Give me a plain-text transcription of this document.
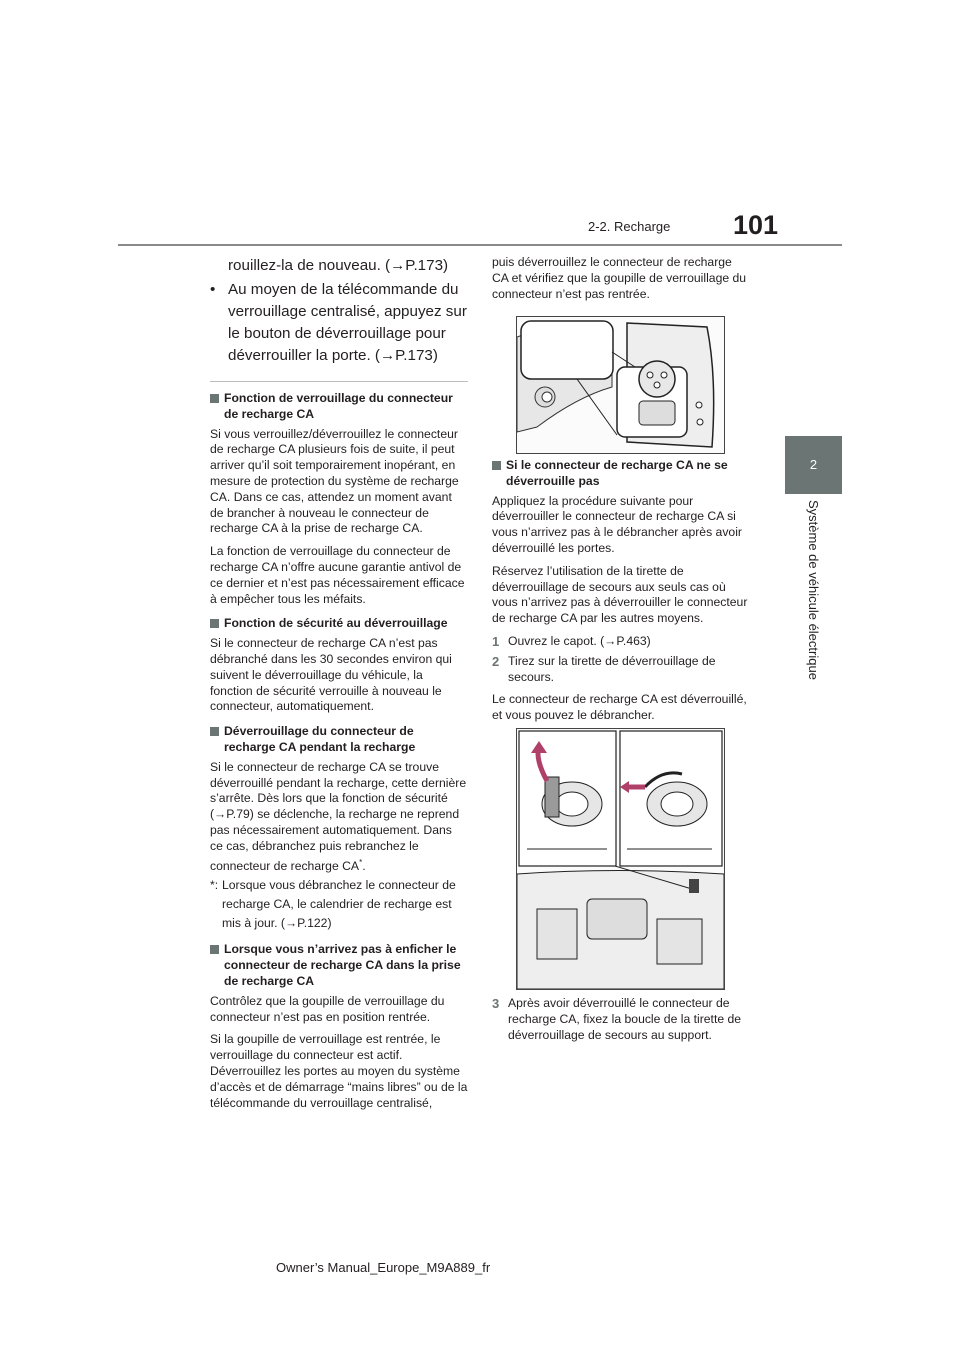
2-2. Recharge 101
2
Système de véhicule électrique

rouillez-la de nouveau. (→P.173)

• Au moyen de la télécommande du verrouillage centralisé, appuyez sur le bouton de déverrouillage pour déverrouiller la porte. (→P.173)

Fonction de verrouillage du connecteur de recharge CA

Si vous verrouillez/déverrouillez le connecteur de recharge CA plusieurs fois de suite, il peut arriver qu’il soit temporairement inopérant, en mesure de protection du système de recharge CA. Dans ce cas, attendez un moment avant de brancher à nouveau le connecteur de recharge CA à la prise de recharge CA.

La fonction de verrouillage du connecteur de recharge CA n’offre aucune garantie antivol de ce dernier et n’est pas nécessairement efficace à empêcher tous les méfaits.

Fonction de sécurité au déverrouillage

Si le connecteur de recharge CA n’est pas débranché dans les 30 secondes environ qui suivent le déverrouillage du véhicule, la fonction de sécurité verrouille à nouveau le connecteur, automatiquement.

Déverrouillage du connecteur de recharge CA pendant la recharge

Si le connecteur de recharge CA se trouve déverrouillé pendant la recharge, cette dernière s’arrête. Dès lors que la fonction de sécurité (→P.79) se déclenche, la recharge ne reprend pas nécessairement automatiquement. Dans ce cas, débranchez puis rebranchez le connecteur de recharge CA*.

*: Lorsque vous débranchez le connecteur de recharge CA, le calendrier de recharge est mis à jour. (→P.122)

Lorsque vous n’arrivez pas à enficher le connecteur de recharge CA dans la prise de recharge CA

Contrôlez que la goupille de verrouillage du connecteur n’est pas en position rentrée.

Si la goupille de verrouillage est rentrée, le verrouillage du connecteur est actif. Déverrouillez les portes au moyen du système d’accès et de démarrage “mains libres” ou de la télécommande du verrouillage centralisé,

puis déverrouillez le connecteur de recharge CA et vérifiez que la goupille de verrouillage du connecteur n’est pas rentrée.

Si le connecteur de recharge CA ne se déverrouille pas

Appliquez la procédure suivante pour déverrouiller le connecteur de recharge CA si vous n’arrivez pas à le débrancher après avoir déverrouillé les portes.

Réservez l’utilisation de la tirette de déverrouillage de secours aux seuls cas où vous n’arrivez pas à déverrouiller le connecteur de recharge CA par les autres moyens.

1 Ouvrez le capot. (→P.463)

2 Tirez sur la tirette de déverrouillage de secours.

Le connecteur de recharge CA est déverrouillé, et vous pouvez le débrancher.

3 Après avoir déverrouillé le connecteur de recharge CA, fixez la boucle de la tirette de déverrouillage de secours au support.

Owner’s Manual_Europe_M9A889_fr
